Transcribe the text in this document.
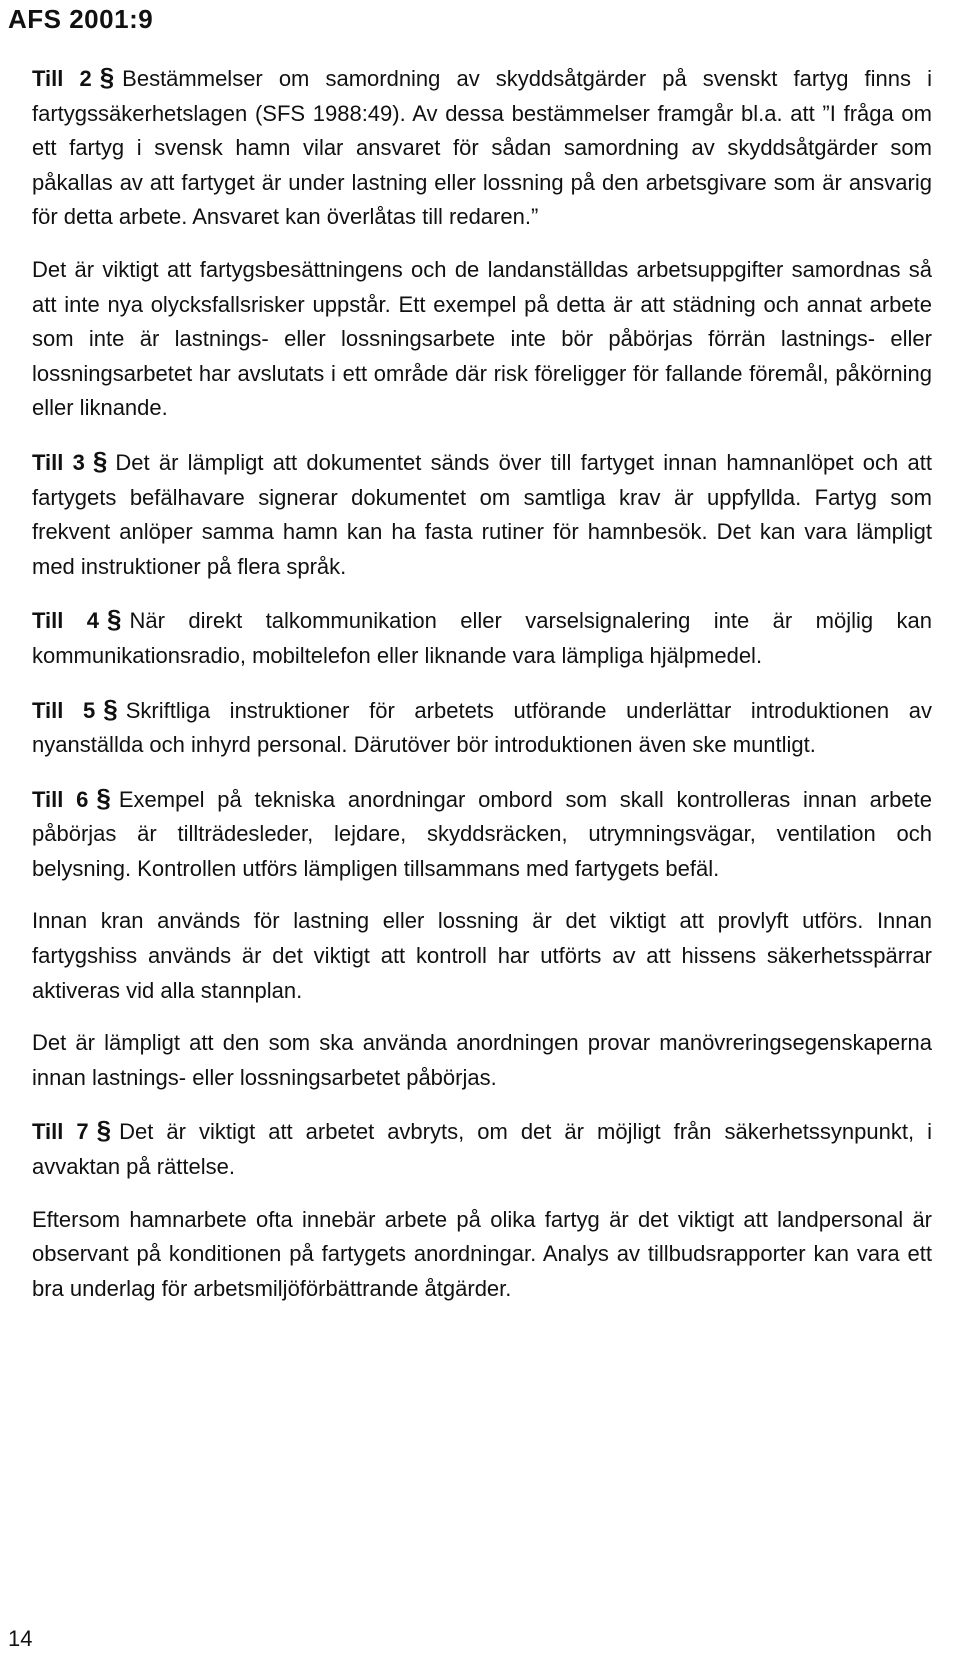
AFS 2001:9

Till 2 § Bestämmelser om samordning av skyddsåtgärder på svenskt fartyg finns i fartygssäkerhetslagen (SFS 1988:49). Av dessa bestämmelser framgår bl.a. att ”I fråga om ett fartyg i svensk hamn vilar ansvaret för sådan samordning av skyddsåtgärder som påkallas av att fartyget är under lastning eller lossning på den arbetsgivare som är ansvarig för detta arbete. Ansvaret kan överlåtas till redaren.”

Det är viktigt att fartygsbesättningens och de landanställdas arbetsuppgifter samordnas så att inte nya olycksfallsrisker uppstår. Ett exempel på detta är att städning och annat arbete som inte är lastnings- eller lossningsarbete inte bör påbörjas förrän lastnings- eller lossningsarbetet har avslutats i ett område där risk föreligger för fallande föremål, påkörning eller liknande.

Till 3 § Det är lämpligt att dokumentet sänds över till fartyget innan hamnanlöpet och att fartygets befälhavare signerar dokumentet om samtliga krav är uppfyllda. Fartyg som frekvent anlöper samma hamn kan ha fasta rutiner för hamnbesök. Det kan vara lämpligt med instruktioner på flera språk.

Till 4 § När direkt talkommunikation eller varselsignalering inte är möjlig kan kommunikationsradio, mobiltelefon eller liknande vara lämpliga hjälpmedel.

Till 5 § Skriftliga instruktioner för arbetets utförande underlättar introduktionen av nyanställda och inhyrd personal. Därutöver bör introduktionen även ske muntligt.

Till 6 § Exempel på tekniska anordningar ombord som skall kontrolleras innan arbete påbörjas är tillträdesleder, lejdare, skyddsräcken, utrymningsvägar, ventilation och belysning. Kontrollen utförs lämpligen tillsammans med fartygets befäl.

Innan kran används för lastning eller lossning är det viktigt att provlyft utförs. Innan fartygshiss används är det viktigt att kontroll har utförts av att hissens säkerhetsspärrar aktiveras vid alla stannplan.

Det är lämpligt att den som ska använda anordningen provar manövreringsegenskaperna innan lastnings- eller lossningsarbetet påbörjas.

Till 7 § Det är viktigt att arbetet avbryts, om det är möjligt från säkerhetssynpunkt, i avvaktan på rättelse.

Eftersom hamnarbete ofta innebär arbete på olika fartyg är det viktigt att landpersonal är observant på konditionen på fartygets anordningar. Analys av tillbudsrapporter kan vara ett bra underlag för arbetsmiljöförbättrande åtgärder.

14
